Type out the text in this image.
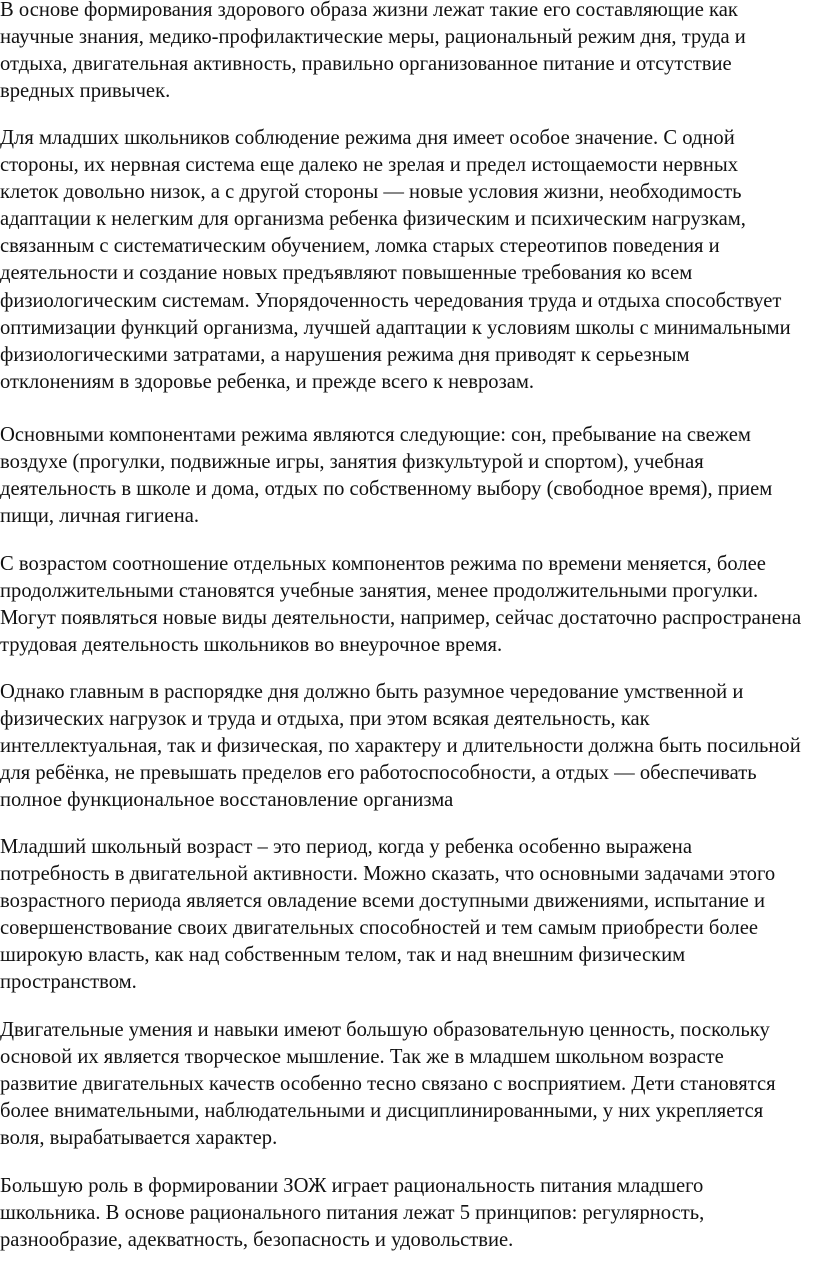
В основе формирования здорового образа жизни лежат такие его составляющие как
научные знания, медико-профилактические меры, рациональный режим дня, труда и
отдыха, двигательная активность, правильно организованное питание и отсутствие
вредных привычек.

Для младших школьников соблюдение режима дня имеет особое значение. С одной
стороны, их нервная система еще далеко не зрелая и предел истощаемости нервных
клеток довольно низок, а с другой стороны — новые условия жизни, необходимость
адаптации к нелегким для организма ребенка физическим и психическим нагрузкам,
связанным с систематическим обучением, ломка старых стереотипов поведения и
деятельности и создание новых предъявляют повышенные требования ко всем
физиологическим системам. Упорядоченность чередования труда и отдыха способствует
оптимизации функций организма, лучшей адаптации к условиям школы с минимальными
физиологическими затратами, а нарушения режима дня приводят к серьезным
отклонениям в здоровье ребенка, и прежде всего к неврозам.

Основными компонентами режима являются следующие: сон, пребывание на свежем
воздухе (прогулки, подвижные игры, занятия физкультурой и спортом), учебная
деятельность в школе и дома, отдых по собственному выбору (свободное время), прием
пищи, личная гигиена.

С возрастом соотношение отдельных компонентов режима по времени меняется, более
продолжительными становятся учебные занятия, менее продолжительными прогулки.
Могут появляться новые виды деятельности, например, сейчас достаточно распространена
трудовая деятельность школьников во внеурочное время.

Однако главным в распорядке дня должно быть разумное чередование умственной и
физических нагрузок и труда и отдыха, при этом всякая деятельность, как
интеллектуальная, так и физическая, по характеру и длительности должна быть посильной
для ребёнка, не превышать пределов его работоспособности, а отдых — обеспечивать
полное функциональное восстановление организма

Младший школьный возраст – это период, когда у ребенка особенно выражена
потребность в двигательной активности. Можно сказать, что основными задачами этого
возрастного периода является овладение всеми доступными движениями, испытание и
совершенствование своих двигательных способностей и тем самым приобрести более
широкую власть, как над собственным телом, так и над внешним физическим
пространством.

Двигательные умения и навыки имеют большую образовательную ценность, поскольку
основой их является творческое мышление. Так же в младшем школьном возрасте
развитие двигательных качеств особенно тесно связано с восприятием. Дети становятся
более внимательными, наблюдательными и дисциплинированными, у них укрепляется
воля, вырабатывается характер.

Большую роль в формировании ЗОЖ играет рациональность питания младшего
школьника. В основе рационального питания лежат 5 принципов: регулярность,
разнообразие, адекватность, безопасность и удовольствие.
